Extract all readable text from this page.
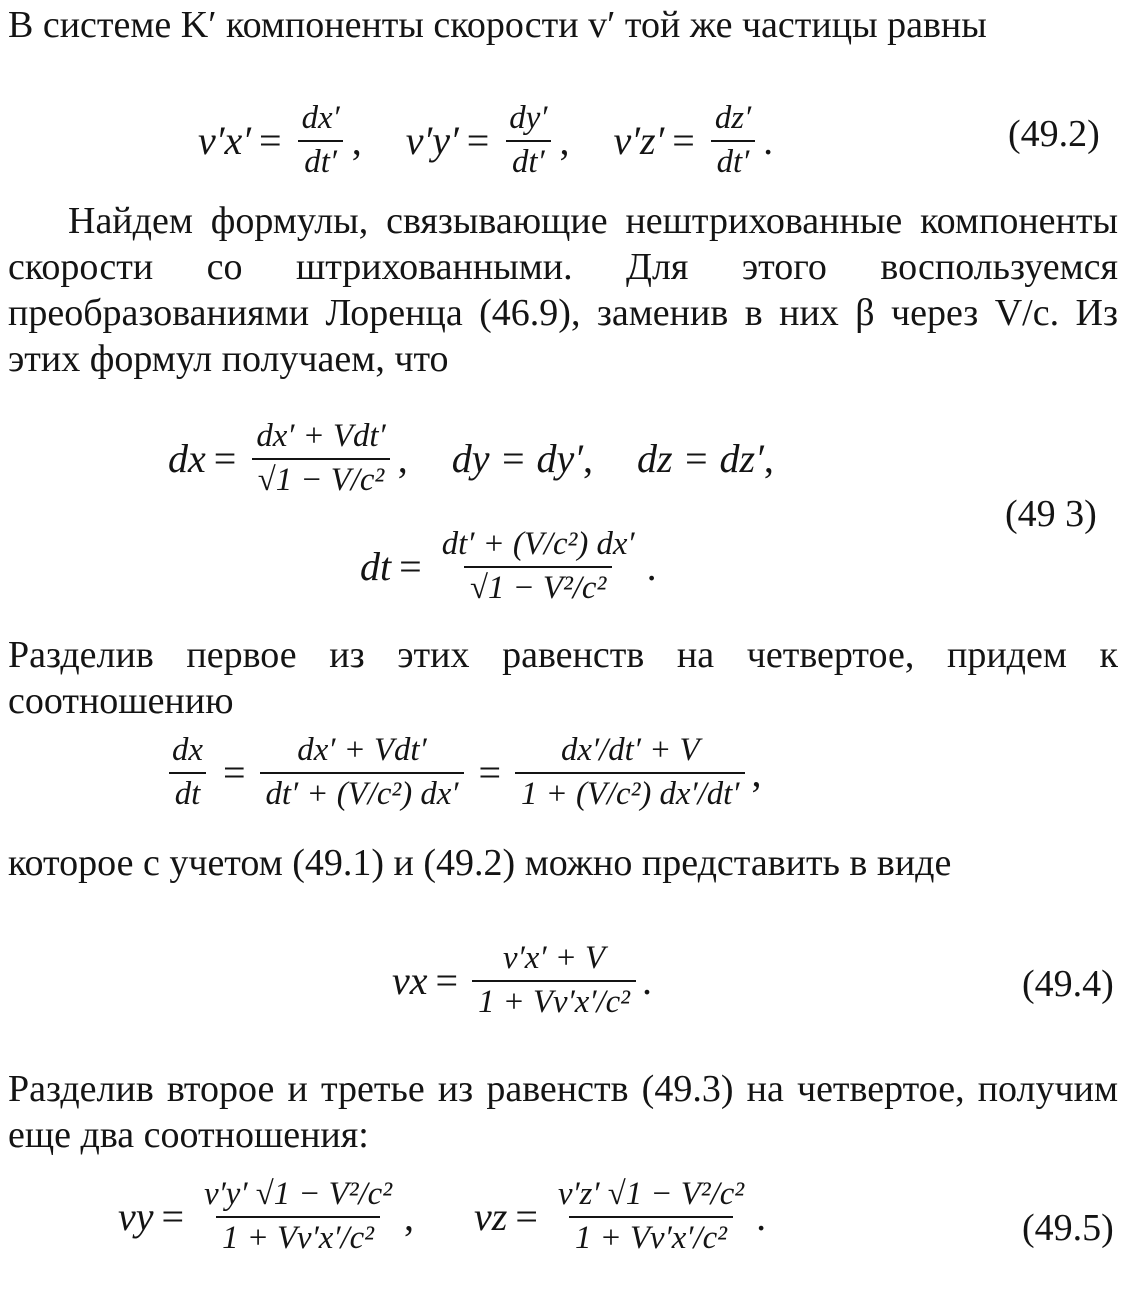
В системе K′ компоненты скорости v′ той же частицы равны

$v'x' = \frac{dx'}{dt'}$ , $v'y' = \frac{dy'}{dt'}$ , $v'z' = \frac{dz'}{dt'}$ .	(49.2)

Найдем формулы, связывающие нештрихованные компоненты скорости со штрихованными. Для этого воспользуемся преобразованиями Лоренца (46.9), заменив в них β через V/c. Из этих формул получаем, что

dx = $\frac{\text{dx′ + Vdt′}}{\text{√1 − V/c²}}$ , dy = dy′ , dz = dz′ ,
(49 3)
dt = $\frac{\text{dt′ + (V/c²) dx′}}{\text{√1 − V²/c²}}$ .

Разделив первое из этих равенств на четвертое, придем к соотношению

$\frac{dx}{dt} = \frac{\text{dx′ + Vdt′}}{\text{dt′ + (V/c²) dx′}} = \frac{dx'/dt' + V}{\text{1 + (V/c²) dx′/dt′}}$ ,

которое с учетом (49.1) и (49.2) можно представить в виде

vx = $\frac{v'x' + V}{\text{1 + Vv′x′/c²}}$ .	(49.4)

Разделив второе и третье из равенств (49.3) на четвертое, получим еще два соотношения:

vy = $\frac{\text{v′y′ √1 − V²/c²}}{\text{1 + Vv′x′/c²}}$ , vz = $\frac{\text{v′z′ √1 − V²/c²}}{\text{1 + Vv′x′/c²}}$ .	(49.5)
